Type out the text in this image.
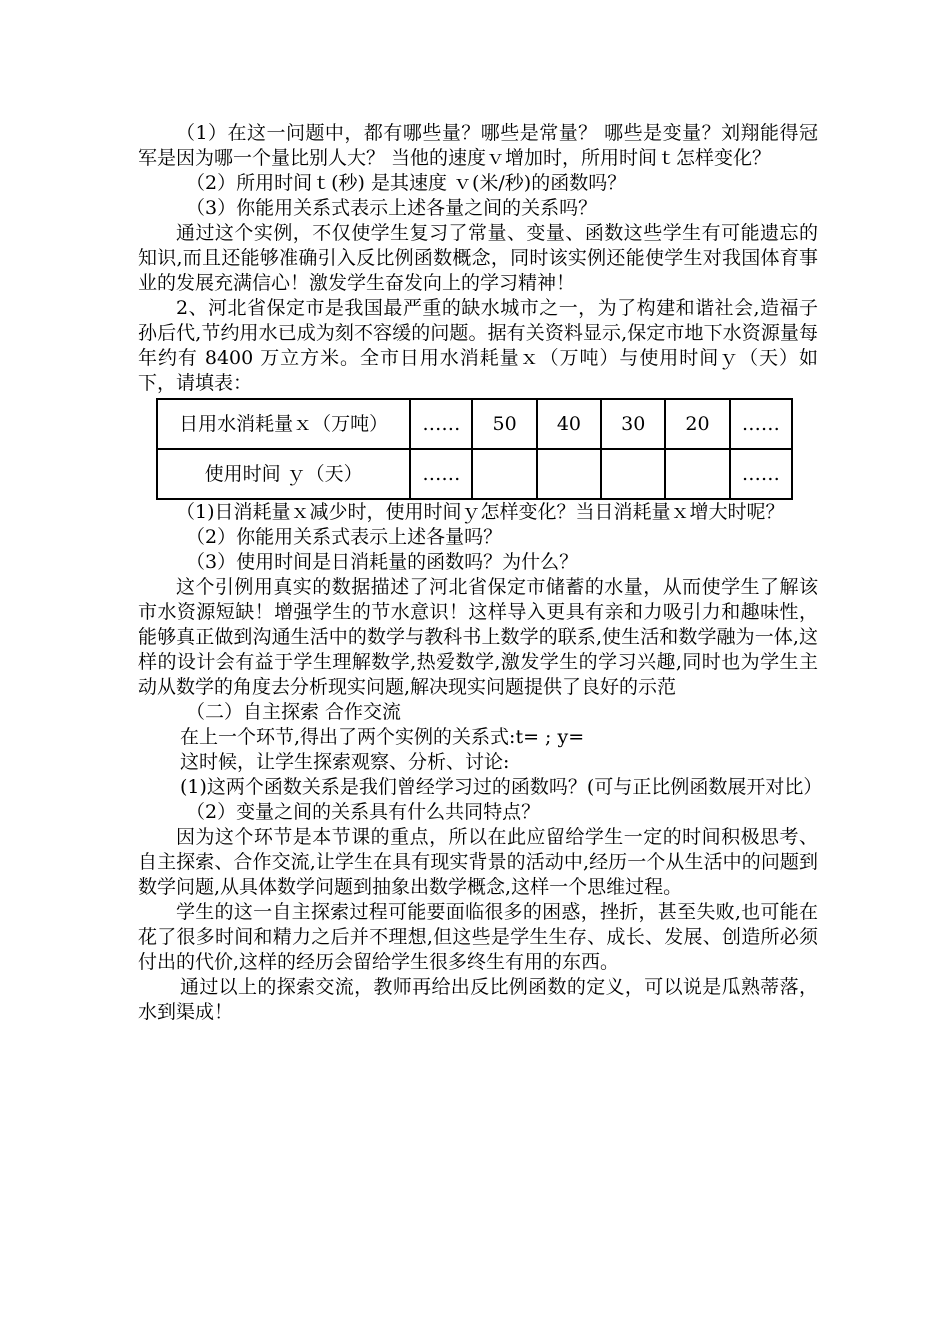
（1）在这一问题中，都有哪些量？哪些是常量？ 哪些是变量？刘翔能得冠军是因为哪一个量比别人大？ 当他的速度ｖ增加时，所用时间ｔ怎样变化？

（2）所用时间ｔ(秒) 是其速度 ｖ(米/秒)的函数吗？

（3）你能用关系式表示上述各量之间的关系吗？

通过这个实例，不仅使学生复习了常量、变量、函数这些学生有可能遗忘的知识,而且还能够准确引入反比例函数概念，同时该实例还能使学生对我国体育事业的发展充满信心！激发学生奋发向上的学习精神！

2、河北省保定市是我国最严重的缺水城市之一，为了构建和谐社会,造福子孙后代,节约用水已成为刻不容缓的问题。据有关资料显示,保定市地下水资源量每年约有 8400 万立方米。全市日用水消耗量ｘ（万吨）与使用时间ｙ（天）如下，请填表：

日用水消耗量ｘ（万吨）	……	50	40	30	20	……
使用时间 ｙ（天）	……					……

（1)日消耗量ｘ减少时，使用时间ｙ怎样变化？当日消耗量ｘ增大时呢？

（2）你能用关系式表示上述各量吗？

（3）使用时间是日消耗量的函数吗？为什么？

这个引例用真实的数据描述了河北省保定市储蓄的水量，从而使学生了解该市水资源短缺！增强学生的节水意识！这样导入更具有亲和力吸引力和趣味性，能够真正做到沟通生活中的数学与教科书上数学的联系,使生活和数学融为一体,这样的设计会有益于学生理解数学,热爱数学,激发学生的学习兴趣,同时也为学生主动从数学的角度去分析现实问题,解决现实问题提供了良好的示范

（二）自主探索 合作交流

在上一个环节,得出了两个实例的关系式:t= ; y=

这时候，让学生探索观察、分析、讨论:

(1)这两个函数关系是我们曾经学习过的函数吗？(可与正比例函数展开对比）

（2）变量之间的关系具有什么共同特点？

因为这个环节是本节课的重点，所以在此应留给学生一定的时间积极思考、自主探索、合作交流,让学生在具有现实背景的活动中,经历一个从生活中的问题到数学问题,从具体数学问题到抽象出数学概念,这样一个思维过程。

学生的这一自主探索过程可能要面临很多的困惑，挫折，甚至失败,也可能在花了很多时间和精力之后并不理想,但这些是学生生存、成长、发展、创造所必须付出的代价,这样的经历会留给学生很多终生有用的东西。

通过以上的探索交流，教师再给出反比例函数的定义，可以说是瓜熟蒂落，水到渠成！
